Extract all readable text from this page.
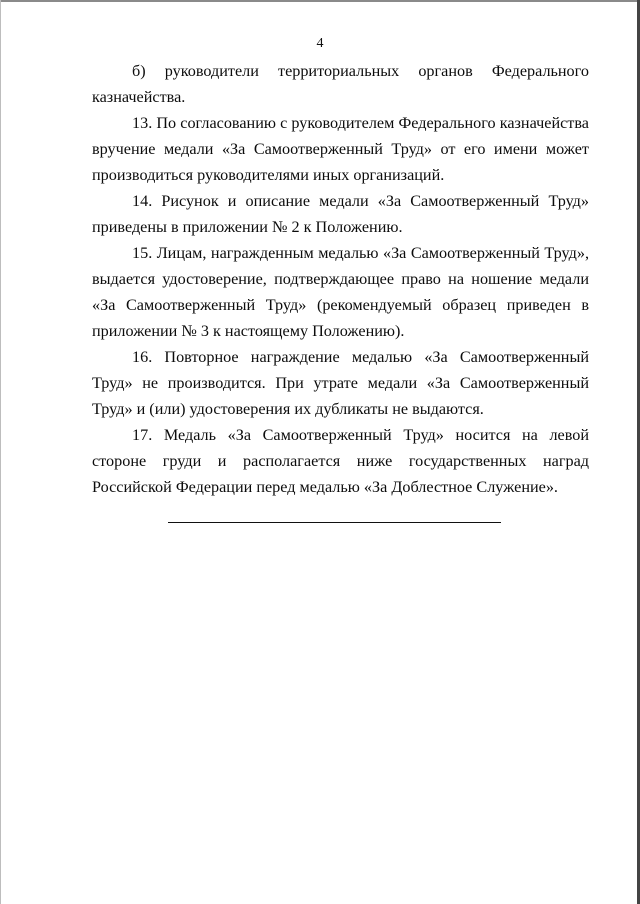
4

б) руководители территориальных органов Федерального казначейства.

13. По согласованию с руководителем Федерального казначейства вручение медали «За Самоотверженный Труд» от его имени может производиться руководителями иных организаций.

14. Рисунок и описание медали «За Самоотверженный Труд» приведены в приложении № 2 к Положению.

15. Лицам, награжденным медалью «За Самоотверженный Труд», выдается удостоверение, подтверждающее право на ношение медали «За Самоотверженный Труд» (рекомендуемый образец приведен в приложении № 3 к настоящему Положению).

16. Повторное награждение медалью «За Самоотверженный Труд» не производится. При утрате медали «За Самоотверженный Труд» и (или) удостоверения их дубликаты не выдаются.

17. Медаль «За Самоотверженный Труд» носится на левой стороне груди и располагается ниже государственных наград Российской Федерации перед медалью «За Доблестное Служение».
